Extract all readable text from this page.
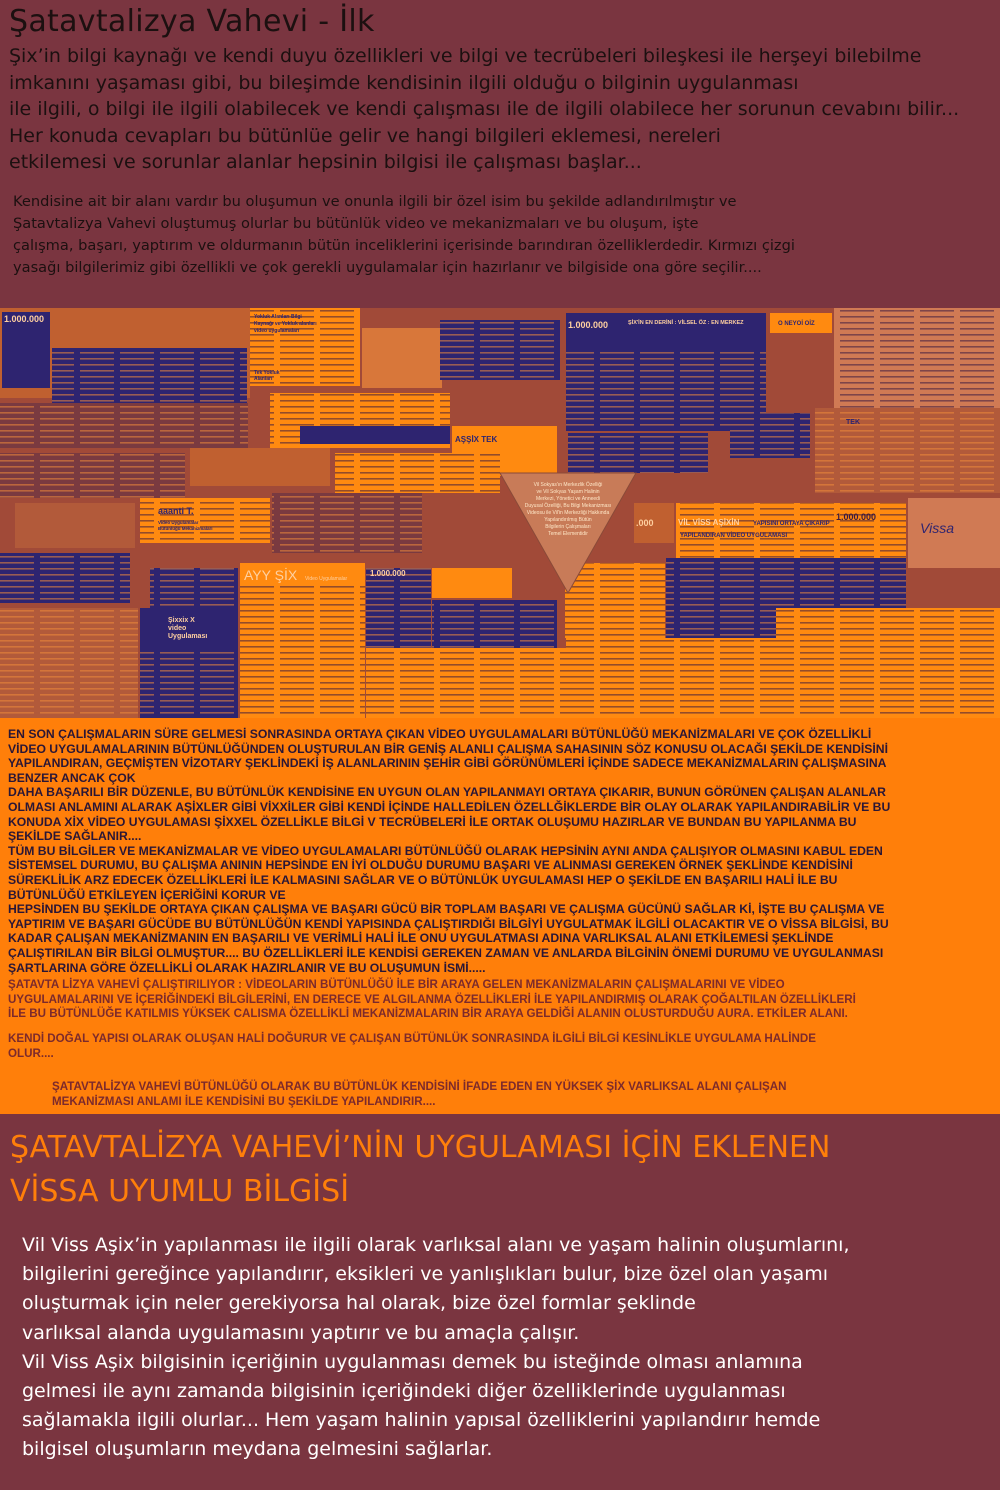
Şatavtalizya Vahevi - İlk

Şix’in bilgi kaynağı ve kendi duyu özellikleri ve bilgi ve tecrübeleri bileşkesi ile herşeyi bilebilme
imkanını yaşaması gibi, bu bileşimde kendisinin ilgili olduğu o bilginin uygulanması
ile ilgili, o bilgi ile ilgili olabilecek ve kendi çalışması ile de ilgili olabilece her sorunun cevabını bilir...
Her konuda cevapları bu bütünlüe gelir ve hangi bilgileri eklemesi, nereleri
etkilemesi ve sorunlar alanlar hepsinin bilgisi ile çalışması başlar...

Kendisine ait bir alanı vardır bu oluşumun ve onunla ilgili bir özel isim bu şekilde adlandırılmıştır ve
Şatavtalizya Vahevi oluştumuş olurlar bu bütünlük video ve mekanizmaları ve bu oluşum, işte
çalışma, başarı, yaptırım ve oldurmanın bütün inceliklerini içerisinde barındıran özelliklerdedir. Kırmızı çizgi
yasağı bilgilerimiz gibi özellikli ve çok gerekli uygulamalar için hazırlanır ve bilgiside ona göre seçilir....

1.000.000
1.000.000
1.000.000
1.000.000
ŞİX'İN EN DERİNİ : VİLSEL ÖZ : EN MERKEZ	O NEYOİ OİZ
Yokluk Alanları Bilgi
Kaynağı ve Yokluk alanları
video uygulamaları
Tek Yokluk
Alanları
AŞŞİX TEK
TEK
aaanti T.
Video Uygulamalar
Bütünlüğü Mekanizmaları
AYY ŞİX Video Uygulamalar
Şixxix X
video
Uygulaması
.000	VİL VİSS AŞİXİN YAPISINI ORTAYA ÇIKARIP
YAPILANDIRAN VİDEO UYGULAMASI	Vissa
Vil Sokyas'ın Merkezlik Özelliği
ve Vil Sokyas Yaşam Halinin
Merkezi, Yönetici ve Anneedi
Duyusal Özelliği, Bu Bilgi Mekanizması
Videosu ile Vil'in Merkezliği Hakkında
Yapılandırılmış Bütün
Bilgilerin Çalışmaları
Temel Elementidir

EN SON ÇALIŞMALARIN SÜRE GELMESİ SONRASINDA ORTAYA ÇIKAN VİDEO UYGULAMALARI BÜTÜNLÜĞÜ MEKANİZMALARI VE ÇOK ÖZELLİKLİ
VİDEO UYGULAMALARININ BÜTÜNLÜĞÜNDEN OLUŞTURULAN BİR GENİŞ ALANLI ÇALIŞMA SAHASININ SÖZ KONUSU OLACAĞI ŞEKİLDE KENDİSİNİ
YAPILANDIRAN, GEÇMİŞTEN VİZOTARY ŞEKLİNDEKİ İŞ ALANLARININ ŞEHİR GİBİ GÖRÜNÜMLERİ İÇİNDE SADECE MEKANİZMALARIN ÇALIŞMASINA
BENZER ANCAK ÇOK
DAHA BAŞARILI BİR DÜZENLE, BU BÜTÜNLÜK KENDİSİNE EN UYGUN OLAN YAPILANMAYI ORTAYA ÇIKARIR, BUNUN GÖRÜNEN ÇALIŞAN ALANLAR
OLMASI ANLAMINI ALARAK AŞİXLER GİBİ VİXXİLER GİBİ KENDİ İÇİNDE HALLEDİLEN ÖZELLĞİKLERDE BİR OLAY OLARAK YAPILANDIRABİLİR VE BU
KONUDA XİX VİDEO UYGULAMASI ŞİXXEL ÖZELLİKLE BİLGİ V TECRÜBELERİ İLE ORTAK OLUŞUMU HAZIRLAR VE BUNDAN BU YAPILANMA BU
ŞEKİLDE SAĞLANIR....
TÜM BU BİLGİLER VE MEKANİZMALAR VE VİDEO UYGULAMALARI BÜTÜNLÜĞÜ OLARAK HEPSİNİN AYNI ANDA ÇALIŞIYOR OLMASINI KABUL EDEN
SİSTEMSEL DURUMU, BU ÇALIŞMA ANININ HEPSİNDE EN İYİ OLDUĞU DURUMU BAŞARI VE ALINMASI GEREKEN ÖRNEK ŞEKLİNDE KENDİSİNİ
SÜREKLİLİK ARZ EDECEK ÖZELLİKLERİ İLE KALMASINI SAĞLAR VE O BÜTÜNLÜK UYGULAMASI HEP O ŞEKİLDE EN BAŞARILI HALİ İLE BU
BÜTÜNLÜĞÜ ETKİLEYEN İÇERİĞİNİ KORUR VE
HEPSİNDEN BU ŞEKİLDE ORTAYA ÇIKAN ÇALIŞMA VE BAŞARI GÜCÜ BİR TOPLAM BAŞARI VE ÇALIŞMA GÜCÜNÜ SAĞLAR Kİ, İŞTE BU ÇALIŞMA VE
YAPTIRIM VE BAŞARI GÜCÜDE BU BÜTÜNLÜĞÜN KENDİ YAPISINDA ÇALIŞTIRDIĞI BİLGİYİ UYGULATMAK İLGİLİ OLACAKTIR VE O VİSSA BİLGİSİ, BU
KADAR ÇALIŞAN MEKANİZMANIN EN BAŞARILI VE VERİMLİ HALİ İLE ONU UYGULATMASI ADINA VARLIKSAL ALANI ETKİLEMESİ ŞEKLİNDE
ÇALIŞTIRILAN BİR BİLGİ OLMUŞTUR.... BU ÖZELLİKLERİ İLE KENDİSİ GEREKEN ZAMAN VE ANLARDA BİLGİNİN ÖNEMİ DURUMU VE UYGULANMASI
ŞARTLARINA GÖRE ÖZELLİKLİ OLARAK HAZIRLANIR VE BU OLUŞUMUN İSMİ.....

ŞATAVTA LİZYA VAHEVİ ÇALIŞTIRILIYOR : VİDEOLARIN BÜTÜNLÜĞÜ İLE BİR ARAYA GELEN MEKANİZMALARIN ÇALIŞMALARINI VE VİDEO
UYGULAMALARINI VE İÇERİĞİNDEKİ BİLGİLERİNİ, EN DERECE VE ALGILANMA ÖZELLİKLERİ İLE YAPILANDIRMIŞ OLARAK ÇOĞALTILAN ÖZELLİKLERİ
İLE BU BÜTÜNLÜĞE KATILMIS YÜKSEK CALISMA ÖZELLİKLİ MEKANİZMALARIN BİR ARAYA GELDİĞİ ALANIN OLUSTURDUĞU AURA. ETKİLER ALANI.

KENDİ DOĞAL YAPISI OLARAK OLUŞAN HALİ DOĞURUR VE ÇALIŞAN BÜTÜNLÜK SONRASINDA İLGİLİ BİLGİ KESİNLİKLE UYGULAMA HALİNDE
OLUR....

ŞATAVTALİZYA VAHEVİ BÜTÜNLÜĞÜ OLARAK BU BÜTÜNLÜK KENDİSİNİ İFADE EDEN EN YÜKSEK ŞİX VARLIKSAL ALANI ÇALIŞAN
MEKANİZMASI ANLAMI İLE KENDİSİNİ BU ŞEKİLDE YAPILANDIRIR....

ŞATAVTALİZYA VAHEVİ’NİN UYGULAMASI İÇİN EKLENEN
VİSSA UYUMLU BİLGİSİ

Vil Viss Aşix’in yapılanması ile ilgili olarak varlıksal alanı ve yaşam halinin oluşumlarını,
bilgilerini gereğince yapılandırır, eksikleri ve yanlışlıkları bulur, bize özel olan yaşamı
oluşturmak için neler gerekiyorsa hal olarak, bize özel formlar şeklinde
varlıksal alanda uygulamasını yaptırır ve bu amaçla çalışır.
Vil Viss Aşix bilgisinin içeriğinin uygulanması demek bu isteğinde olması anlamına
gelmesi ile aynı zamanda bilgisinin içeriğindeki diğer özelliklerinde uygulanması
sağlamakla ilgili olurlar... Hem yaşam halinin yapısal özelliklerini yapılandırır hemde
bilgisel oluşumların meydana gelmesini sağlarlar.
